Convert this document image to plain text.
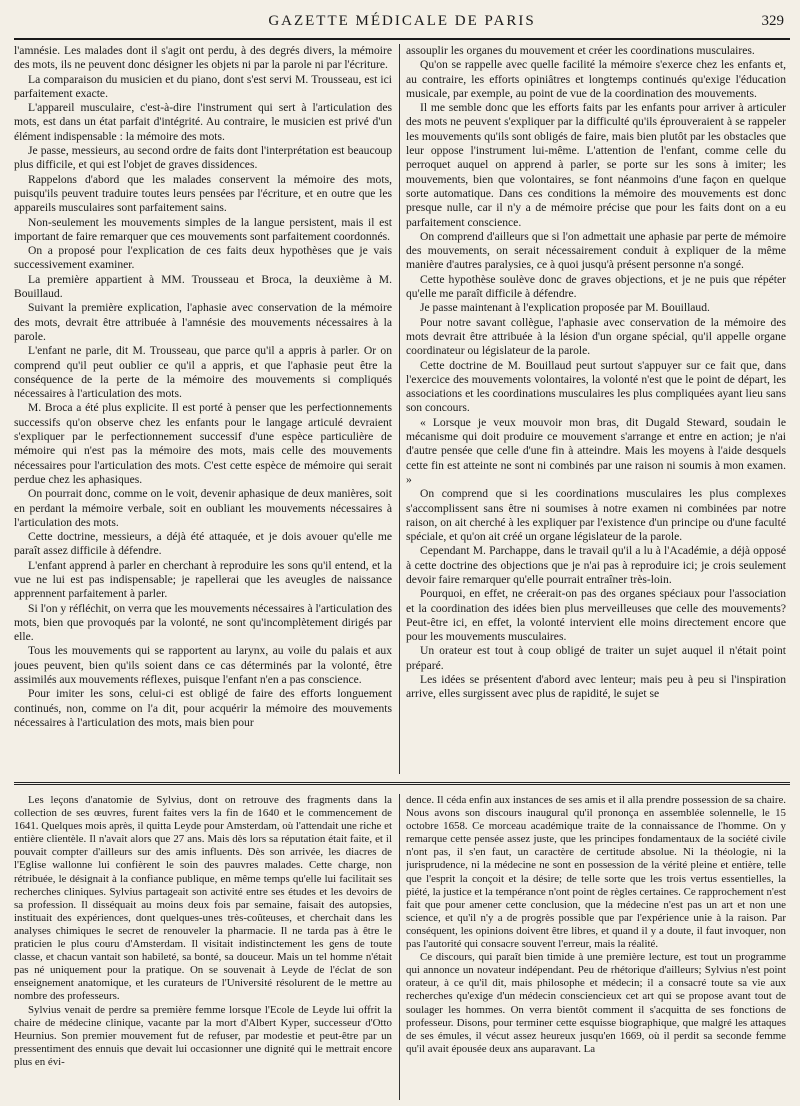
GAZETTE MÉDICALE DE PARIS	329

l'amnésie. Les malades dont il s'agit ont perdu, à des degrés divers, la mémoire des mots, ils ne peuvent donc désigner les objets ni par la parole ni par l'écriture.

La comparaison du musicien et du piano, dont s'est servi M. Trousseau, est ici parfaitement exacte.

L'appareil musculaire, c'est-à-dire l'instrument qui sert à l'articulation des mots, est dans un état parfait d'intégrité. Au contraire, le musicien est privé d'un élément indispensable : la mémoire des mots.

Je passe, messieurs, au second ordre de faits dont l'interprétation est beaucoup plus difficile, et qui est l'objet de graves dissidences.

Rappelons d'abord que les malades conservent la mémoire des mots, puisqu'ils peuvent traduire toutes leurs pensées par l'écriture, et en outre que les appareils musculaires sont parfaitement sains.

Non-seulement les mouvements simples de la langue persistent, mais il est important de faire remarquer que ces mouvements sont parfaitement coordonnés.

On a proposé pour l'explication de ces faits deux hypothèses que je vais successivement examiner.

La première appartient à MM. Trousseau et Broca, la deuxième à M. Bouillaud.

Suivant la première explication, l'aphasie avec conservation de la mémoire des mots, devrait être attribuée à l'amnésie des mouvements nécessaires à la parole.

L'enfant ne parle, dit M. Trousseau, que parce qu'il a appris à parler. Or on comprend qu'il peut oublier ce qu'il a appris, et que l'aphasie peut être la conséquence de la perte de la mémoire des mouvements si compliqués nécessaires à l'articulation des mots.

M. Broca a été plus explicite. Il est porté à penser que les perfectionnements successifs qu'on observe chez les enfants pour le langage articulé devraient s'expliquer par le perfectionnement successif d'une espèce particulière de mémoire qui n'est pas la mémoire des mots, mais celle des mouvements nécessaires pour l'articulation des mots. C'est cette espèce de mémoire qui serait perdue chez les aphasiques.

On pourrait donc, comme on le voit, devenir aphasique de deux manières, soit en perdant la mémoire verbale, soit en oubliant les mouvements nécessaires à l'articulation des mots.

Cette doctrine, messieurs, a déjà été attaquée, et je dois avouer qu'elle me paraît assez difficile à défendre.

L'enfant apprend à parler en cherchant à reproduire les sons qu'il entend, et la vue ne lui est pas indispensable; je rapellerai que les aveugles de naissance apprennent parfaitement à parler.

Si l'on y réfléchit, on verra que les mouvements nécessaires à l'articulation des mots, bien que provoqués par la volonté, ne sont qu'incomplètement dirigés par elle.

Tous les mouvements qui se rapportent au larynx, au voile du palais et aux joues peuvent, bien qu'ils soient dans ce cas déterminés par la volonté, être assimilés aux mouvements réflexes, puisque l'enfant n'en a pas conscience.

Pour imiter les sons, celui-ci est obligé de faire des efforts longuement continués, non, comme on l'a dit, pour acquérir la mémoire des mouvements nécessaires à l'articulation des mots, mais bien pour

assouplir les organes du mouvement et créer les coordinations musculaires.

Qu'on se rappelle avec quelle facilité la mémoire s'exerce chez les enfants et, au contraire, les efforts opiniâtres et longtemps continués qu'exige l'éducation musicale, par exemple, au point de vue de la coordination des mouvements.

Il me semble donc que les efforts faits par les enfants pour arriver à articuler des mots ne peuvent s'expliquer par la difficulté qu'ils éprouveraient à se rappeler les mouvements qu'ils sont obligés de faire, mais bien plutôt par les obstacles que leur oppose l'instrument lui-même. L'attention de l'enfant, comme celle du perroquet auquel on apprend à parler, se porte sur les sons à imiter; les mouvements, bien que volontaires, se font néanmoins d'une façon en quelque sorte automatique. Dans ces conditions la mémoire des mouvements est donc presque nulle, car il n'y a de mémoire précise que pour les faits dont on a eu parfaitement conscience.

On comprend d'ailleurs que si l'on admettait une aphasie par perte de mémoire des mouvements, on serait nécessairement conduit à expliquer de la même manière d'autres paralysies, ce à quoi jusqu'à présent personne n'a songé.

Cette hypothèse soulève donc de graves objections, et je ne puis que répéter qu'elle me paraît difficile à défendre.

Je passe maintenant à l'explication proposée par M. Bouillaud.

Pour notre savant collègue, l'aphasie avec conservation de la mémoire des mots devrait être attribuée à la lésion d'un organe spécial, qu'il appelle organe coordinateur ou législateur de la parole.

Cette doctrine de M. Bouillaud peut surtout s'appuyer sur ce fait que, dans l'exercice des mouvements volontaires, la volonté n'est que le point de départ, les associations et les coordinations musculaires les plus compliquées ayant lieu sans son concours.

« Lorsque je veux mouvoir mon bras, dit Dugald Steward, soudain le mécanisme qui doit produire ce mouvement s'arrange et entre en action; je n'ai d'autre pensée que celle d'une fin à atteindre. Mais les moyens à l'aide desquels cette fin est atteinte ne sont ni combinés par une raison ni soumis à mon examen. »

On comprend que si les coordinations musculaires les plus complexes s'accomplissent sans être ni soumises à notre examen ni combinées par notre raison, on ait cherché à les expliquer par l'existence d'un principe ou d'une faculté spéciale, et qu'on ait créé un organe législateur de la parole.

Cependant M. Parchappe, dans le travail qu'il a lu à l'Académie, a déjà opposé à cette doctrine des objections que je n'ai pas à reproduire ici; je crois seulement devoir faire remarquer qu'elle pourrait entraîner très-loin.

Pourquoi, en effet, ne créerait-on pas des organes spéciaux pour l'association et la coordination des idées bien plus merveilleuses que celle des mouvements? Peut-être ici, en effet, la volonté intervient elle moins directement encore que pour les mouvements musculaires.

Un orateur est tout à coup obligé de traiter un sujet auquel il n'était point préparé.

Les idées se présentent d'abord avec lenteur; mais peu à peu si l'inspiration arrive, elles surgissent avec plus de rapidité, le sujet se

Les leçons d'anatomie de Sylvius, dont on retrouve des fragments dans la collection de ses œuvres, furent faites vers la fin de 1640 et le commencement de 1641. Quelques mois après, il quitta Leyde pour Amsterdam, où l'attendait une riche et entière clientèle. Il n'avait alors que 27 ans. Mais dès lors sa réputation était faite, et il pouvait compter d'ailleurs sur des amis influents. Dès son arrivée, les diacres de l'Eglise wallonne lui confièrent le soin des pauvres malades. Cette charge, non rétribuée, le désignait à la confiance publique, en même temps qu'elle lui facilitait ses recherches cliniques. Sylvius partageait son activité entre ses études et les devoirs de sa profession. Il disséquait au moins deux fois par semaine, faisait des autopsies, instituait des expériences, dont quelques-unes très-coûteuses, et cherchait dans les analyses chimiques le secret de renouveler la pharmacie. Il ne tarda pas à être le praticien le plus couru d'Amsterdam. Il visitait indistinctement les gens de toute classe, et chacun vantait son habileté, sa bonté, sa douceur. Mais un tel homme n'était pas né uniquement pour la pratique. On se souvenait à Leyde de l'éclat de son enseignement anatomique, et les curateurs de l'Université résolurent de le mettre au nombre des professeurs.

Sylvius venait de perdre sa première femme lorsque l'Ecole de Leyde lui offrit la chaire de médecine clinique, vacante par la mort d'Albert Kyper, successeur d'Otto Heurnius. Son premier mouvement fut de refuser, par modestie et peut-être par un pressentiment des ennuis que devait lui occasionner une dignité qui le mettrait encore plus en évi-

dence. Il céda enfin aux instances de ses amis et il alla prendre possession de sa chaire. Nous avons son discours inaugural qu'il prononça en assemblée solennelle, le 15 octobre 1658. Ce morceau académique traite de la connaissance de l'homme. On y remarque cette pensée assez juste, que les principes fondamentaux de la société civile n'ont pas, il s'en faut, un caractère de certitude absolue. Ni la théologie, ni la jurisprudence, ni la médecine ne sont en possession de la vérité pleine et entière, telle que l'esprit la conçoit et la désire; de telle sorte que les trois vertus essentielles, la piété, la justice et la tempérance n'ont point de règles certaines. Ce rapprochement n'est fait que pour amener cette conclusion, que la médecine n'est pas un art et non une science, et qu'il n'y a de progrès possible que par l'expérience unie à la raison. Par conséquent, les opinions doivent être libres, et quand il y a doute, il faut invoquer, non pas l'autorité qui consacre souvent l'erreur, mais la réalité.

Ce discours, qui paraît bien timide à une première lecture, est tout un programme qui annonce un novateur indépendant. Peu de rhétorique d'ailleurs; Sylvius n'est point orateur, à ce qu'il dit, mais philosophe et médecin; il a consacré toute sa vie aux recherches qu'exige d'un médecin consciencieux cet art qui se propose avant tout de soulager les hommes. On verra bientôt comment il s'acquitta de ses fonctions de professeur. Disons, pour terminer cette esquisse biographique, que malgré les attaques de ses émules, il vécut assez heureux jusqu'en 1669, où il perdit sa seconde femme qu'il avait épousée deux ans auparavant. La
